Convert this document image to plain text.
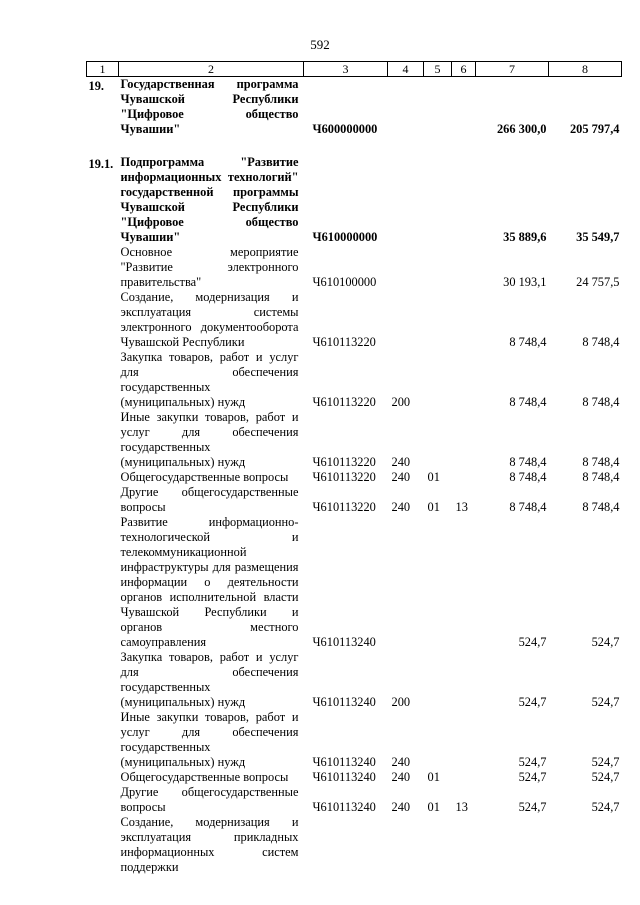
592
1	2	3	4	5	6	7	8
19.	Государственная программа Чувашской Республики "Цифровое общество Чувашии"	Ч600000000				266 300,0	205 797,4
19.1.	Подпрограмма "Развитие информационных технологий" государственной программы Чувашской Республики "Цифровое общество Чувашии"	Ч610000000				35 889,6	35 549,7
	Основное мероприятие "Развитие электронного правительства"	Ч610100000				30 193,1	24 757,5
	Создание, модернизация и эксплуатация системы электронного документооборота Чувашской Республики	Ч610113220				8 748,4	8 748,4
	Закупка товаров, работ и услуг для обеспечения государственных (муниципальных) нужд	Ч610113220	200			8 748,4	8 748,4
	Иные закупки товаров, работ и услуг для обеспечения государственных (муниципальных) нужд	Ч610113220	240			8 748,4	8 748,4
	Общегосударственные вопросы	Ч610113220	240	01		8 748,4	8 748,4
	Другие общегосударственные вопросы	Ч610113220	240	01	13	8 748,4	8 748,4
	Развитие информационно-технологической и телекоммуникационной инфраструктуры для размещения информации о деятельности органов исполнительной власти Чувашской Республики и органов местного самоуправления	Ч610113240				524,7	524,7
	Закупка товаров, работ и услуг для обеспечения государственных (муниципальных) нужд	Ч610113240	200			524,7	524,7
	Иные закупки товаров, работ и услуг для обеспечения государственных (муниципальных) нужд	Ч610113240	240			524,7	524,7
	Общегосударственные вопросы	Ч610113240	240	01		524,7	524,7
	Другие общегосударственные вопросы	Ч610113240	240	01	13	524,7	524,7
	Создание, модернизация и эксплуатация прикладных информационных систем поддержки						
